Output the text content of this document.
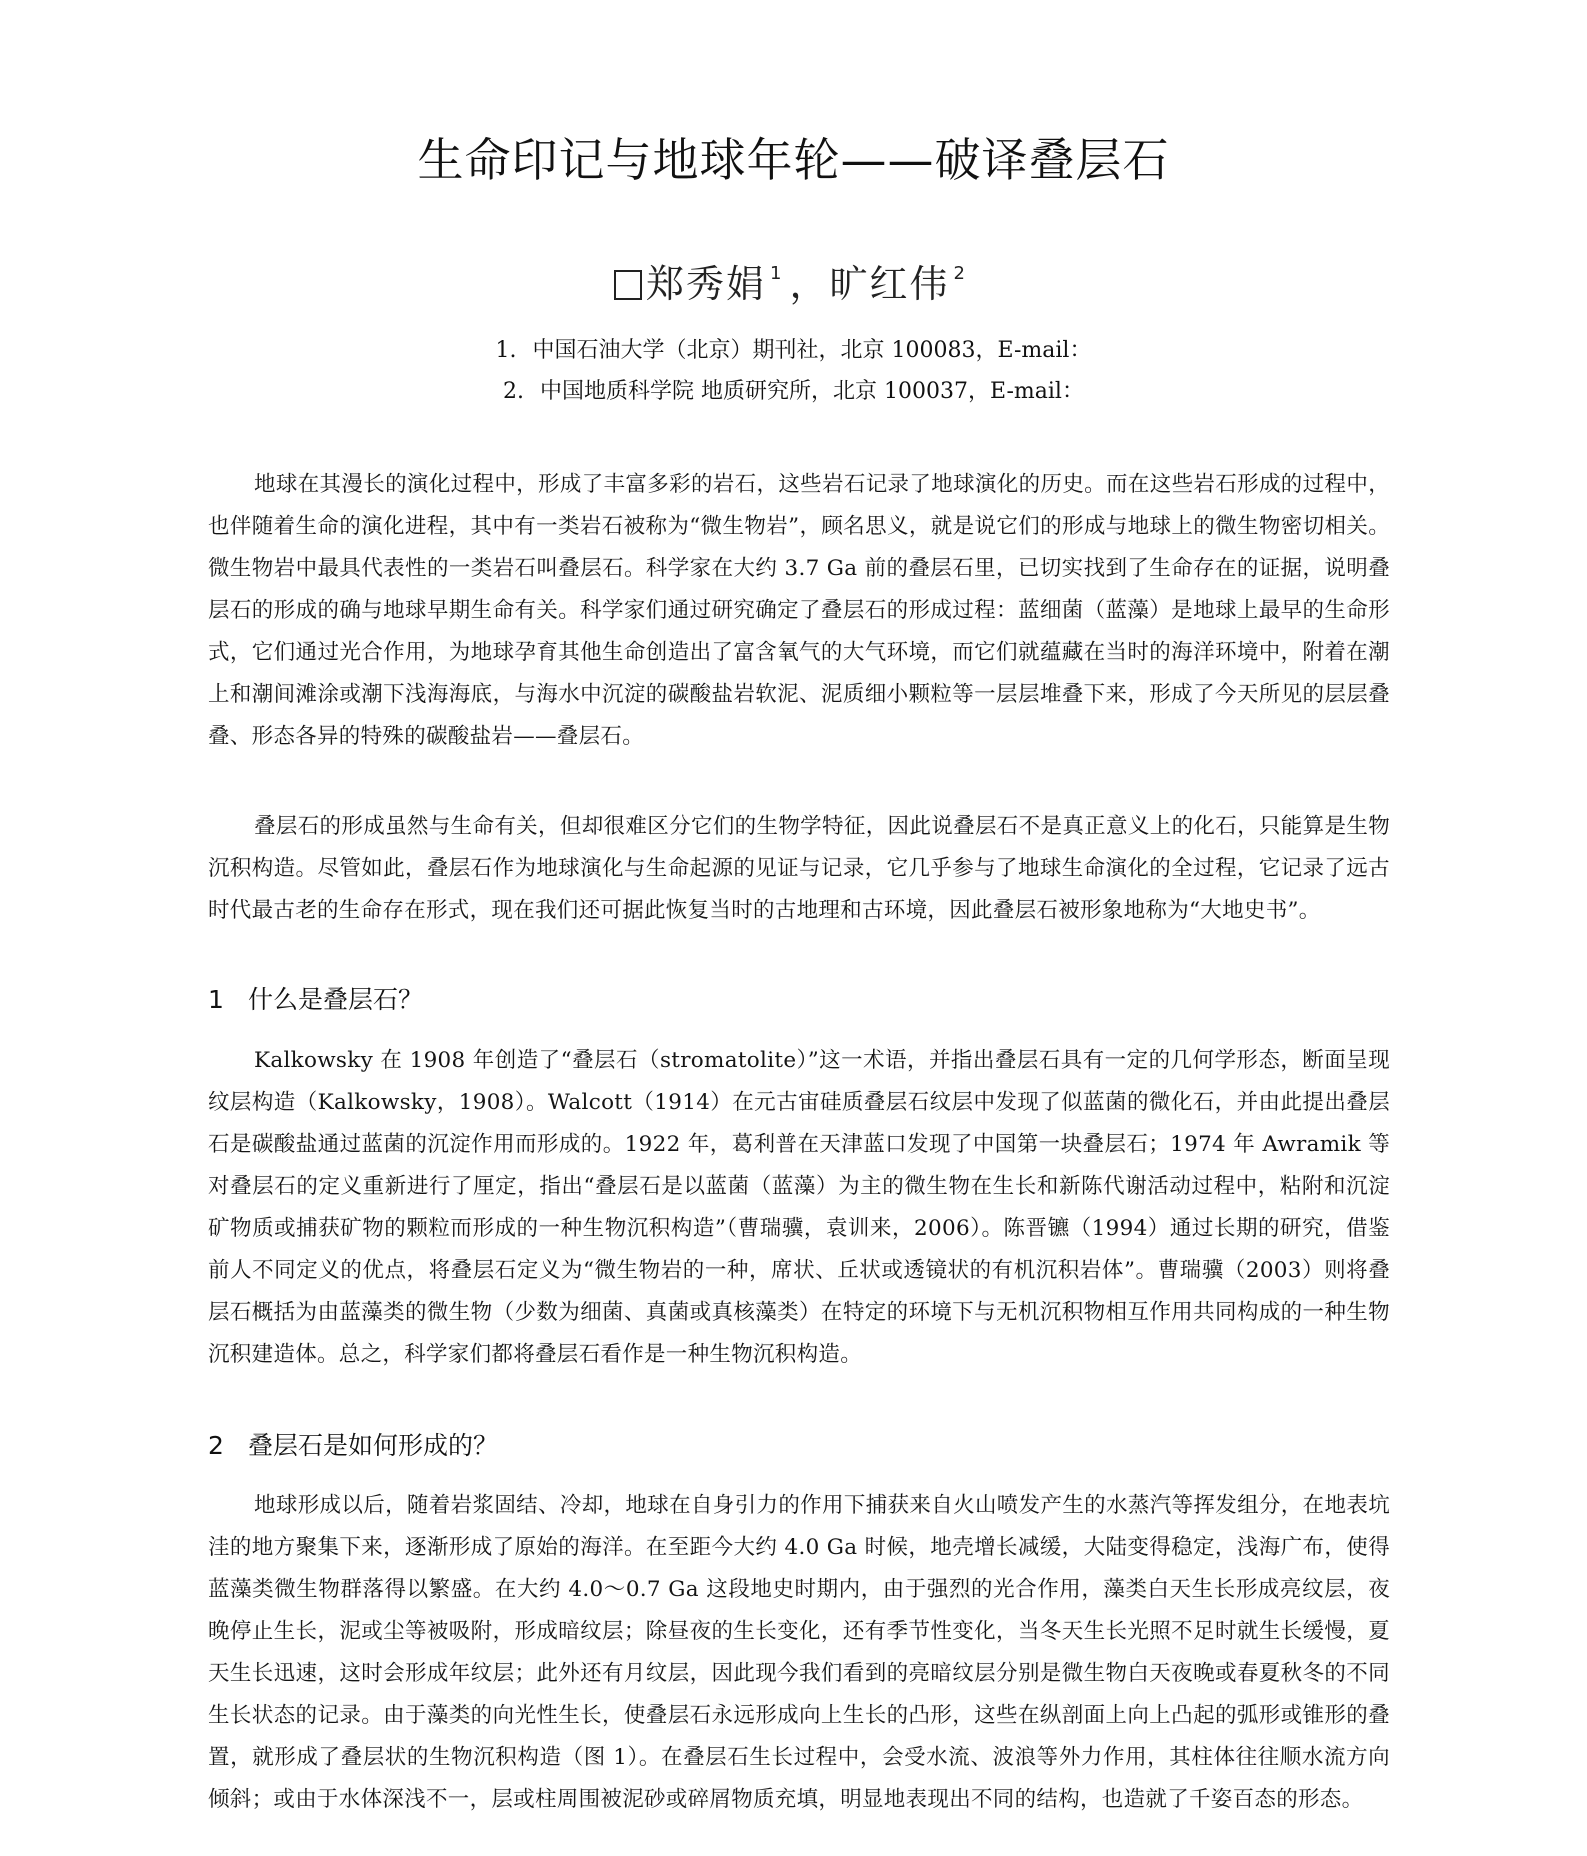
生命印记与地球年轮——破译叠层石
郑秀娟 $^1$ ，旷红伟 $^2$
1. 中国石油大学（北京）期刊社，北京 100083，E-mail：
2. 中国地质科学院 地质研究所，北京 100037，E-mail：

地球在其漫长的演化过程中，形成了丰富多彩的岩石，这些岩石记录了地球演化的历史。而在这些岩石形成的过程中，也伴随着生命的演化进程，其中有一类岩石被称为“微生物岩”，顾名思义，就是说它们的形成与地球上的微生物密切相关。微生物岩中最具代表性的一类岩石叫叠层石。科学家在大约 3.7 Ga 前的叠层石里，已切实找到了生命存在的证据，说明叠层石的形成的确与地球早期生命有关。科学家们通过研究确定了叠层石的形成过程：蓝细菌（蓝藻）是地球上最早的生命形式，它们通过光合作用，为地球孕育其他生命创造出了富含氧气的大气环境，而它们就蕴藏在当时的海洋环境中，附着在潮上和潮间滩涂或潮下浅海海底，与海水中沉淀的碳酸盐岩软泥、泥质细小颗粒等一层层堆叠下来，形成了今天所见的层层叠叠、形态各异的特殊的碳酸盐岩——叠层石。

叠层石的形成虽然与生命有关，但却很难区分它们的生物学特征，因此说叠层石不是真正意义上的化石，只能算是生物沉积构造。尽管如此，叠层石作为地球演化与生命起源的见证与记录，它几乎参与了地球生命演化的全过程，它记录了远古时代最古老的生命存在形式，现在我们还可据此恢复当时的古地理和古环境，因此叠层石被形象地称为“大地史书”。

1 什么是叠层石？

Kalkowsky 在 1908 年创造了“叠层石（stromatolite）”这一术语，并指出叠层石具有一定的几何学形态，断面呈现纹层构造（Kalkowsky，1908）。Walcott（1914）在元古宙硅质叠层石纹层中发现了似蓝菌的微化石，并由此提出叠层石是碳酸盐通过蓝菌的沉淀作用而形成的。1922 年，葛利普在天津蓝口发现了中国第一块叠层石；1974 年 Awramik 等对叠层石的定义重新进行了厘定，指出“叠层石是以蓝菌（蓝藻）为主的微生物在生长和新陈代谢活动过程中，粘附和沉淀矿物质或捕获矿物的颗粒而形成的一种生物沉积构造”（曹瑞骥，袁训来，2006）。陈晋镳（1994）通过长期的研究，借鉴前人不同定义的优点，将叠层石定义为“微生物岩的一种，席状、丘状或透镜状的有机沉积岩体”。曹瑞骥（2003）则将叠层石概括为由蓝藻类的微生物（少数为细菌、真菌或真核藻类）在特定的环境下与无机沉积物相互作用共同构成的一种生物沉积建造体。总之，科学家们都将叠层石看作是一种生物沉积构造。

2 叠层石是如何形成的？

地球形成以后，随着岩浆固结、冷却，地球在自身引力的作用下捕获来自火山喷发产生的水蒸汽等挥发组分，在地表坑洼的地方聚集下来，逐渐形成了原始的海洋。在至距今大约 4.0 Ga 时候，地壳增长减缓，大陆变得稳定，浅海广布，使得蓝藻类微生物群落得以繁盛。在大约 4.0～0.7 Ga 这段地史时期内，由于强烈的光合作用，藻类白天生长形成亮纹层，夜晚停止生长，泥或尘等被吸附，形成暗纹层；除昼夜的生长变化，还有季节性变化，当冬天生长光照不足时就生长缓慢，夏天生长迅速，这时会形成年纹层；此外还有月纹层，因此现今我们看到的亮暗纹层分别是微生物白天夜晚或春夏秋冬的不同生长状态的记录。由于藻类的向光性生长，使叠层石永远形成向上生长的凸形，这些在纵剖面上向上凸起的弧形或锥形的叠置，就形成了叠层状的生物沉积构造（图 1）。在叠层石生长过程中，会受水流、波浪等外力作用，其柱体往往顺水流方向倾斜；或由于水体深浅不一，层或柱周围被泥砂或碎屑物质充填，明显地表现出不同的结构，也造就了千姿百态的形态。
